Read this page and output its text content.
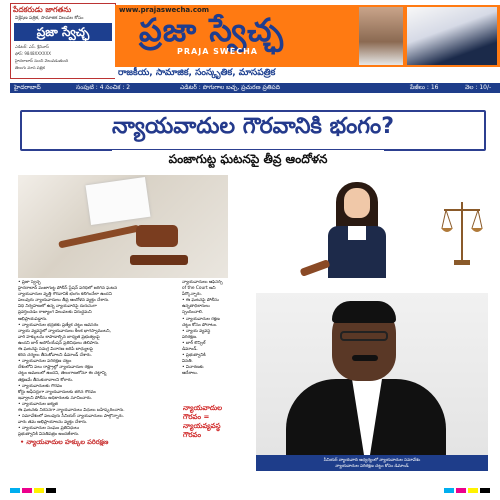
పేదకరుడు జాగతను
విశ్లేషణ పత్రిక, సామాజిక విలువల కోసం
ప్రజా స్వేచ్ఛ
ఎడిటర్: ఎస్. శ్రీనివాస్
ఫోన్: 9848XXXXXX
హైదరాబాద్ నుంచి వెలువడుతుంది
తెలుగు మాస పత్రిక
www.prajaswecha.com
ప్రజా స్వేచ్ఛ
PRAJA SWECHA
రాజకీయ, సామాజిక, సంస్కృతిక, మాసపత్రిక
హైదరాబాద్	సంపుటి : 4 సంచిక : 2	ఎడిటర్ : పొగుగాల బచ్చ, ప్రచురణ ప్రతిపది	పేజీలు : 16	వెల : 10/-
న్యాయవాదుల గౌరవానికి భంగం?
పంజాగుట్ట ఘటనపై తీవ్ర ఆందోళన
• ప్రజా స్వేచ్ఛ
హైదరాబాద్ పంజాగుట్ట పోలీస్ స్టేషన్ పరిధిలో జరిగిన ఘటన
న్యాయవాదుల వృత్తి గౌరవానికి భంగం కలిగించేలా ఉందని
పలువురు న్యాయవాదులు తీవ్ర ఆందోళన వ్యక్తం చేశారు.
విధి నిర్వహణలో ఉన్న న్యాయవాదిపై దురుసుగా
ప్రవర్తించడం రాజ్యాంగ విలువలకు విరుద్ధమని
అభిప్రాయపడ్డారు.
• న్యాయవాదుల భద్రతకు ప్రత్యేక చట్టం అవసరం
న్యాయ వ్యవస్థలో న్యాయవాదులు కీలక భాగస్వాములని,
వారి హక్కులను కాపాడాల్సిన బాధ్యత ప్రభుత్వంపై
ఉందని బార్ అసోసియేషన్ ప్రతినిధులు తెలిపారు.
ఈ ఘటనపై సమగ్ర విచారణ జరిపి బాధ్యులపై
కఠిన చర్యలు తీసుకోవాలని డిమాండ్ చేశారు.
• న్యాయవాదుల పరిరక్షణ చట్టం
దేశంలోని పలు రాష్ట్రాల్లో న్యాయవాదుల రక్షణ
చట్టం అమలులో ఉందని, తెలంగాణలోనూ ఈ చట్టాన్ని
తక్షణమే తీసుకురావాలని కోరారు.
• న్యాయవాదులకు గౌరవం
కోర్టు ఆఫీసర్లుగా న్యాయవాదులకు తగిన గౌరవం
ఇవ్వాలని పోలీసు అధికారులకు సూచించారు.
• న్యాయవాదుల ఐక్యత
ఈ ఘటనకు నిరసనగా న్యాయవాదులు విధులు బహిష్కరించారు.
• సమావేశంలో పలువురు సీనియర్ న్యాయవాదులు పాల్గొన్నారు.
వారు తమ అభిప్రాయాలను వ్యక్తం చేశారు.
• న్యాయవాదుల సంఘం ప్రతినిధులు
ప్రభుత్వానికి వినతిపత్రం అందజేశారు.
న్యాయవాదులు ఆఫీసర్స్
of the Court అని
పేర్కొన్నారు.
• ఈ ఘటనపై పోలీసు
ఉన్నతాధికారులు
స్పందించాలి.
• న్యాయవాదుల రక్షణ
చట్టం కోసం పోరాటం.
• న్యాయ వ్యవస్థ
పరిరక్షణ.
• బార్ కౌన్సిల్
డిమాండ్.
• ప్రభుత్వానికి
వినతి.
• విచారణకు
ఆదేశాలు.
న్యాయవాదుల
గౌరవం =
న్యాయవ్యవస్థ
గౌరవం
• న్యాయవాదుల హక్కుల పరిరక్షణ
సీనియర్ న్యాయవాది ఆధ్వర్యంలో న్యాయవాదుల సమావేశం
న్యాయవాదుల పరిరక్షణ చట్టం కోసం డిమాండ్
